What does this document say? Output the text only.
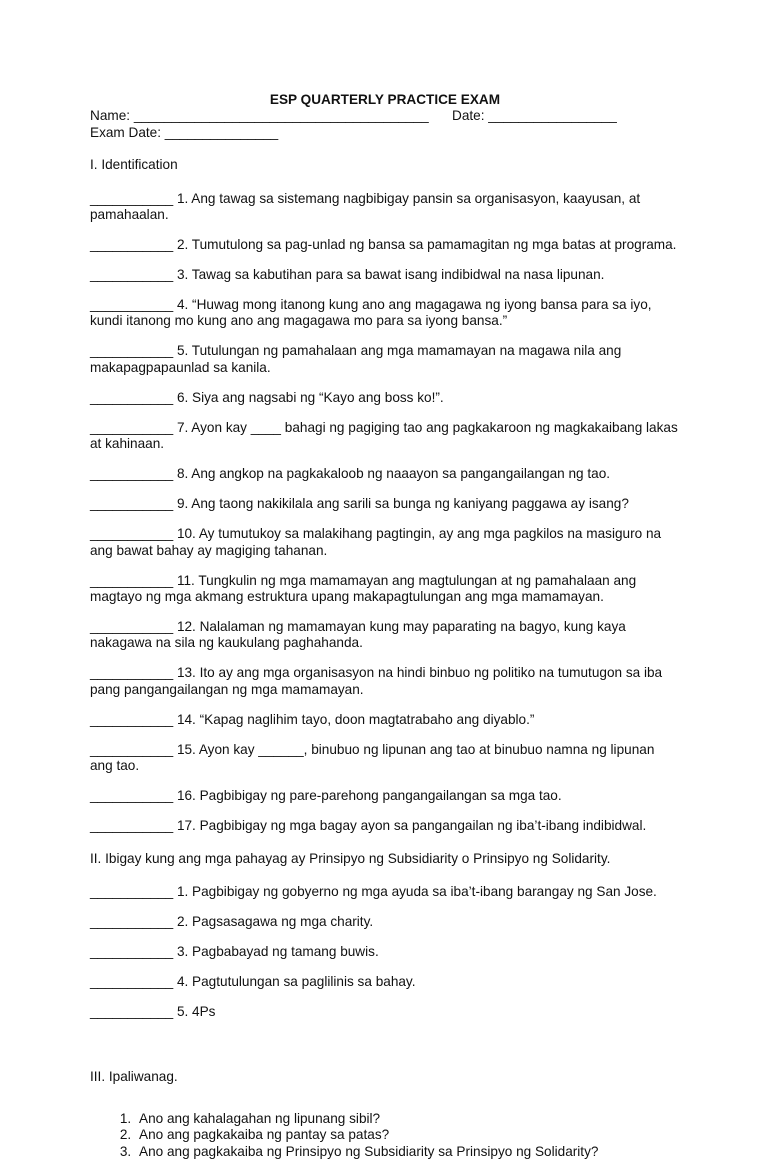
ESP QUARTERLY PRACTICE EXAM
Name: _______________________________________	Date: _________________
Exam Date: _______________
I. Identification

___________ 1. Ang tawag sa sistemang nagbibigay pansin sa organisasyon, kaayusan, at pamahaalan.

___________ 2. Tumutulong sa pag-unlad ng bansa sa pamamagitan ng mga batas at programa.

___________ 3. Tawag sa kabutihan para sa bawat isang indibidwal na nasa lipunan.

___________ 4. “Huwag mong itanong kung ano ang magagawa ng iyong bansa para sa iyo, kundi itanong mo kung ano ang magagawa mo para sa iyong bansa.”

___________ 5. Tutulungan ng pamahalaan ang mga mamamayan na magawa nila ang makapagpapaunlad sa kanila.

___________ 6. Siya ang nagsabi ng “Kayo ang boss ko!”.

___________ 7. Ayon kay ____ bahagi ng pagiging tao ang pagkakaroon ng magkakaibang lakas at kahinaan.

___________ 8. Ang angkop na pagkakaloob ng naaayon sa pangangailangan ng tao.

___________ 9. Ang taong nakikilala ang sarili sa bunga ng kaniyang paggawa ay isang?

___________ 10. Ay tumutukoy sa malakihang pagtingin, ay ang mga pagkilos na masiguro na ang bawat bahay ay magiging tahanan.

___________ 11. Tungkulin ng mga mamamayan ang magtulungan at ng pamahalaan ang magtayo ng mga akmang estruktura upang makapagtulungan ang mga mamamayan.

___________ 12. Nalalaman ng mamamayan kung may paparating na bagyo, kung kaya nakagawa na sila ng kaukulang paghahanda.

___________ 13. Ito ay ang mga organisasyon na hindi binbuo ng politiko na tumutugon sa iba pang pangangailangan ng mga mamamayan.

___________ 14. “Kapag naglihim tayo, doon magtatrabaho ang diyablo.”

___________ 15. Ayon kay ______, binubuo ng lipunan ang tao at binubuo namna ng lipunan ang tao.

___________ 16. Pagbibigay ng pare-parehong pangangailangan sa mga tao.

___________ 17. Pagbibigay ng mga bagay ayon sa pangangailan ng iba’t-ibang indibidwal.

II. Ibigay kung ang mga pahayag ay Prinsipyo ng Subsidiarity o Prinsipyo ng Solidarity.

___________ 1. Pagbibigay ng gobyerno ng mga ayuda sa iba’t-ibang barangay ng San Jose.

___________ 2. Pagsasagawa ng mga charity.

___________ 3. Pagbabayad ng tamang buwis.

___________ 4. Pagtutulungan sa paglilinis sa bahay.

___________ 5. 4Ps

III. Ipaliwanag.
1. Ano ang kahalagahan ng lipunang sibil?
2. Ano ang pagkakaiba ng pantay sa patas?
3. Ano ang pagkakaiba ng Prinsipyo ng Subsidiarity sa Prinsipyo ng Solidarity?
